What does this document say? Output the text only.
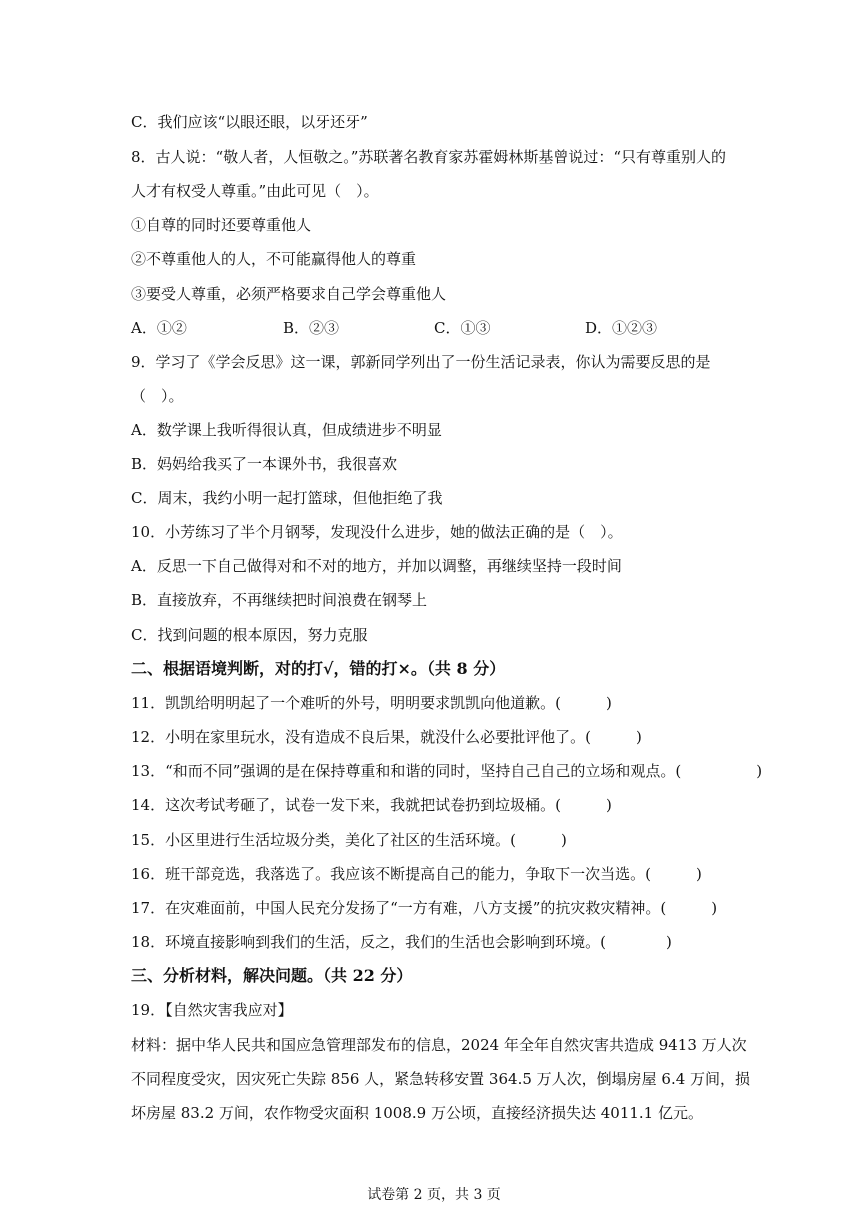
C．我们应该“以眼还眼，以牙还牙”
8．古人说：“敬人者，人恒敬之。”苏联著名教育家苏霍姆林斯基曾说过：“只有尊重别人的
人才有权受人尊重。”由此可见（　）。
①自尊的同时还要尊重他人
②不尊重他人的人，不可能赢得他人的尊重
③要受人尊重，必须严格要求自己学会尊重他人
A．①②	B．②③	C．①③	D．①②③
9．学习了《学会反思》这一课，郭新同学列出了一份生活记录表，你认为需要反思的是
（　）。
A．数学课上我听得很认真，但成绩进步不明显
B．妈妈给我买了一本课外书，我很喜欢
C．周末，我约小明一起打篮球，但他拒绝了我
10．小芳练习了半个月钢琴，发现没什么进步，她的做法正确的是（　）。
A．反思一下自己做得对和不对的地方，并加以调整，再继续坚持一段时间
B．直接放弃，不再继续把时间浪费在钢琴上
C．找到问题的根本原因，努力克服
二、根据语境判断，对的打√，错的打×。（共 8 分）
11．凯凯给明明起了一个难听的外号，明明要求凯凯向他道歉。(　　　)
12．小明在家里玩水，没有造成不良后果，就没什么必要批评他了。(　　　)
13．“和而不同”强调的是在保持尊重和和谐的同时，坚持自己自己的立场和观点。(　　　　　)
14．这次考试考砸了，试卷一发下来，我就把试卷扔到垃圾桶。(　　　)
15．小区里进行生活垃圾分类，美化了社区的生活环境。(　　　)
16．班干部竞选，我落选了。我应该不断提高自己的能力，争取下一次当选。(　　　)
17．在灾难面前，中国人民充分发扬了“一方有难，八方支援”的抗灾救灾精神。(　　　)
18．环境直接影响到我们的生活，反之，我们的生活也会影响到环境。(　　　　)
三、分析材料，解决问题。（共 22 分）
19．【自然灾害我应对】
材料：据中华人民共和国应急管理部发布的信息，2024 年全年自然灾害共造成 9413 万人次
不同程度受灾，因灾死亡失踪 856 人，紧急转移安置 364.5 万人次，倒塌房屋 6.4 万间，损
坏房屋 83.2 万间，农作物受灾面积 1008.9 万公顷，直接经济损失达 4011.1 亿元。
试卷第 2 页，共 3 页
